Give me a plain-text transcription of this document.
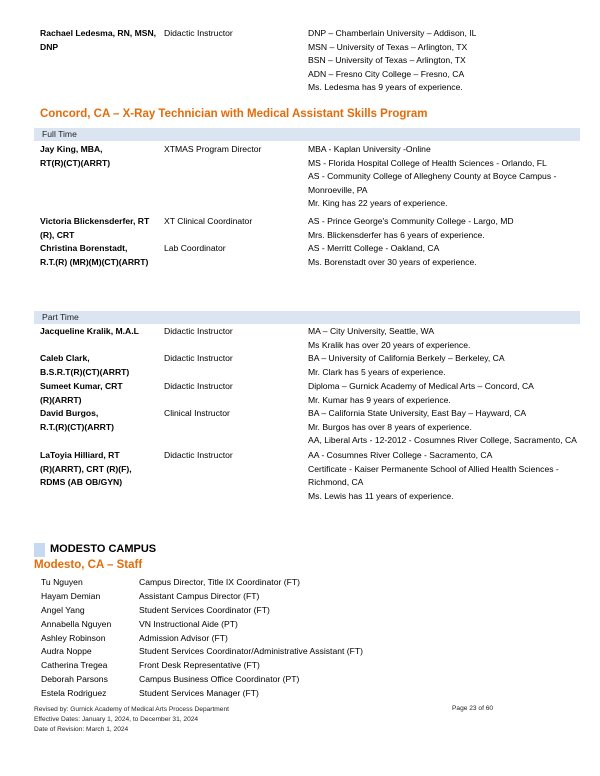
Rachael Ledesma, RN, MSN,
DNP
Didactic Instructor	DNP – Chamberlain University – Addison, IL
MSN – University of Texas – Arlington, TX
BSN – University of Texas – Arlington, TX
ADN – Fresno City College – Fresno, CA
Ms. Ledesma has 9 years of experience.
Concord, CA – X-Ray Technician with Medical Assistant Skills Program
Full Time
Jay King, MBA,
RT(R)(CT)(ARRT)
XTMAS Program Director	MBA - Kaplan University -Online
MS - Florida Hospital College of Health Sciences - Orlando, FL
AS - Community College of Allegheny County at Boyce Campus -
Monroeville, PA
Mr. King has 22 years of experience.
Victoria Blickensderfer, RT
(R), CRT
XT Clinical Coordinator	AS - Prince George's Community College - Largo, MD
Mrs. Blickensderfer has 6 years of experience.
Christina Borenstadt,
R.T.(R) (MR)(M)(CT)(ARRT)
Lab Coordinator	AS - Merritt College - Oakland, CA
Ms. Borenstadt over 30 years of experience.
Part Time
Jacqueline Kralik, M.A.L	Didactic Instructor	MA – City University, Seattle, WA
Ms Kralik has over 20 years of experience.
Caleb Clark,
B.S.R.T(R)(CT)(ARRT)
Didactic Instructor	BA – University of California Berkely – Berkeley, CA
Mr. Clark has 5 years of experience.
Sumeet Kumar, CRT
(R)(ARRT)
Didactic Instructor	Diploma – Gurnick Academy of Medical Arts – Concord, CA
Mr. Kumar has 9 years of experience.
David Burgos,
R.T.(R)(CT)(ARRT)
Clinical Instructor	BA – California State University, East Bay – Hayward, CA
Mr. Burgos has over 8 years of experience.
AA, Liberal Arts - 12-2012 - Cosumnes River College, Sacramento, CA
LaToyia Hilliard, RT
(R)(ARRT), CRT (R)(F),
RDMS (AB OB/GYN)
Didactic Instructor	AA - Cosumnes River College - Sacramento, CA
Certificate - Kaiser Permanente School of Allied Health Sciences -
Richmond, CA
Ms. Lewis has 11 years of experience.
MODESTO CAMPUS
Modesto, CA – Staff
Tu Nguyen	Campus Director, Title IX Coordinator (FT)
Hayam Demian	Assistant Campus Director (FT)
Angel Yang	Student Services Coordinator (FT)
Annabella Nguyen	VN Instructional Aide (PT)
Ashley Robinson	Admission Advisor (FT)
Audra Noppe	Student Services Coordinator/Administrative Assistant (FT)
Catherina Tregea	Front Desk Representative (FT)
Deborah Parsons	Campus Business Office Coordinator (PT)
Estela Rodriguez	Student Services Manager (FT)
Revised by: Gurnick Academy of Medical Arts Process Department
Effective Dates: January 1, 2024, to December 31, 2024
Date of Revision: March 1, 2024
Page 23 of 60
